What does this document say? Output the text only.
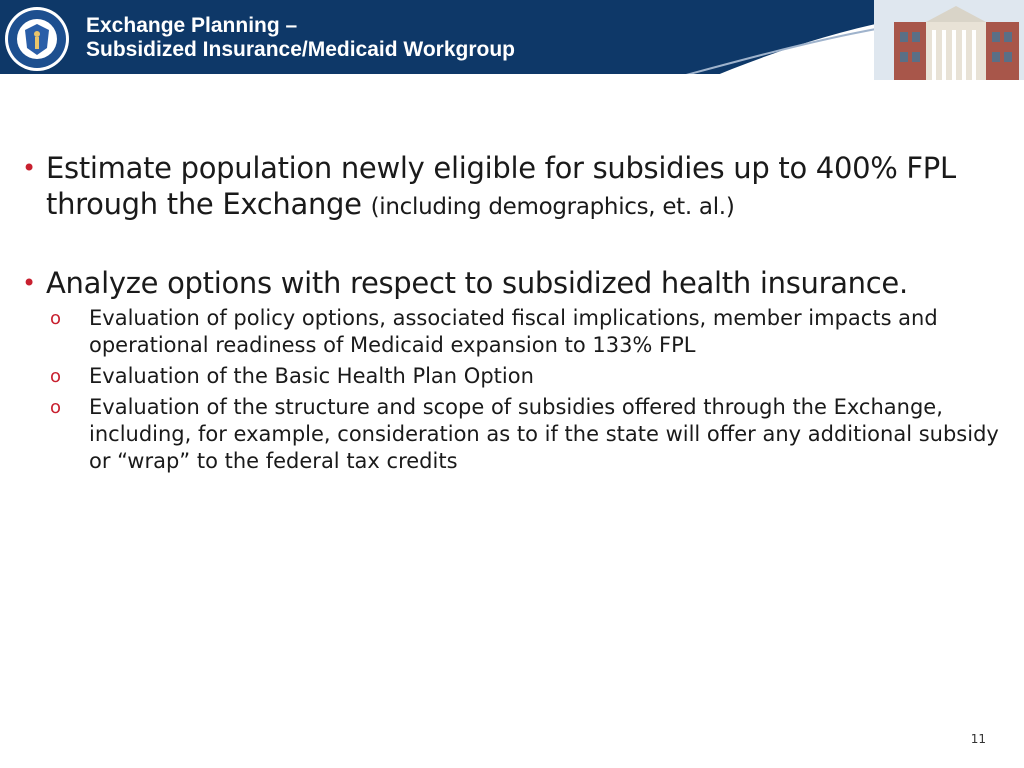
Exchange Planning –
Subsidized Insurance/Medicaid Workgroup
• Estimate population newly eligible for subsidies up to 400% FPL through the Exchange (including demographics, et. al.)
• Analyze options with respect to subsidized health insurance.
o Evaluation of policy options, associated fiscal implications, member impacts and operational readiness of Medicaid expansion to 133% FPL
o Evaluation of the Basic Health Plan Option
o Evaluation of the structure and scope of subsidies offered through the Exchange, including, for example, consideration as to if the state will offer any additional subsidy or “wrap” to the federal tax credits
11
